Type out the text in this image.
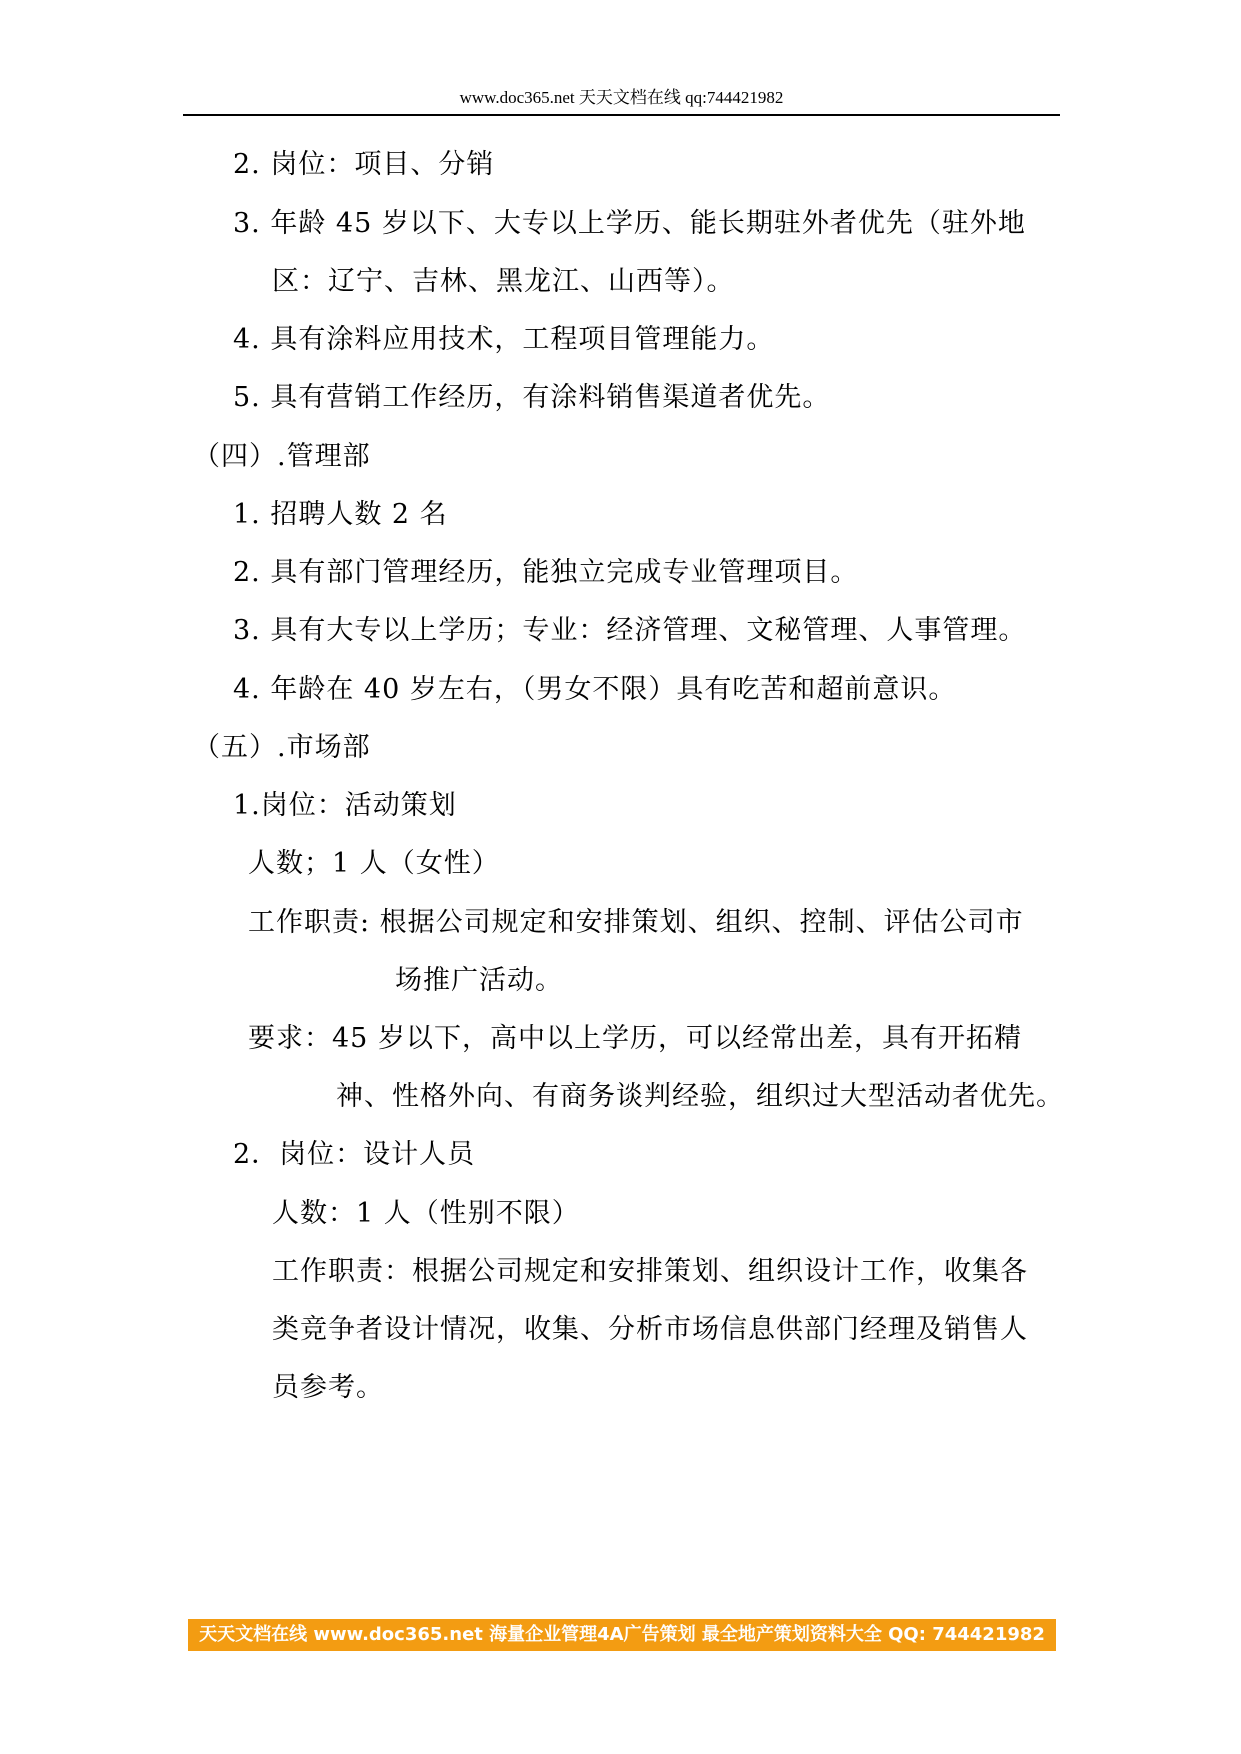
www.doc365.net 天天文档在线 qq:744421982
2. 岗位：项目、分销
3. 年龄 45 岁以下、大专以上学历、能长期驻外者优先（驻外地
区：辽宁、吉林、黑龙江、山西等）。
4. 具有涂料应用技术，工程项目管理能力。
5. 具有营销工作经历，有涂料销售渠道者优先。
（四）.管理部
1. 招聘人数 2 名
2. 具有部门管理经历，能独立完成专业管理项目。
3. 具有大专以上学历；专业：经济管理、文秘管理、人事管理。
4. 年龄在 40 岁左右，（男女不限）具有吃苦和超前意识。
（五）.市场部
1.岗位：活动策划
人数；1 人（女性）
工作职责: 根据公司规定和安排策划、组织、控制、评估公司市
场推广活动。
要求：45 岁以下，高中以上学历，可以经常出差，具有开拓精
神、性格外向、有商务谈判经验，组织过大型活动者优先。
2．岗位：设计人员
人数：1 人（性别不限）
工作职责：根据公司规定和安排策划、组织设计工作，收集各
类竞争者设计情况，收集、分析市场信息供部门经理及销售人
员参考。
天天文档在线 www.doc365.net 海量企业管理4A广告策划 最全地产策划资料大全 QQ: 744421982
